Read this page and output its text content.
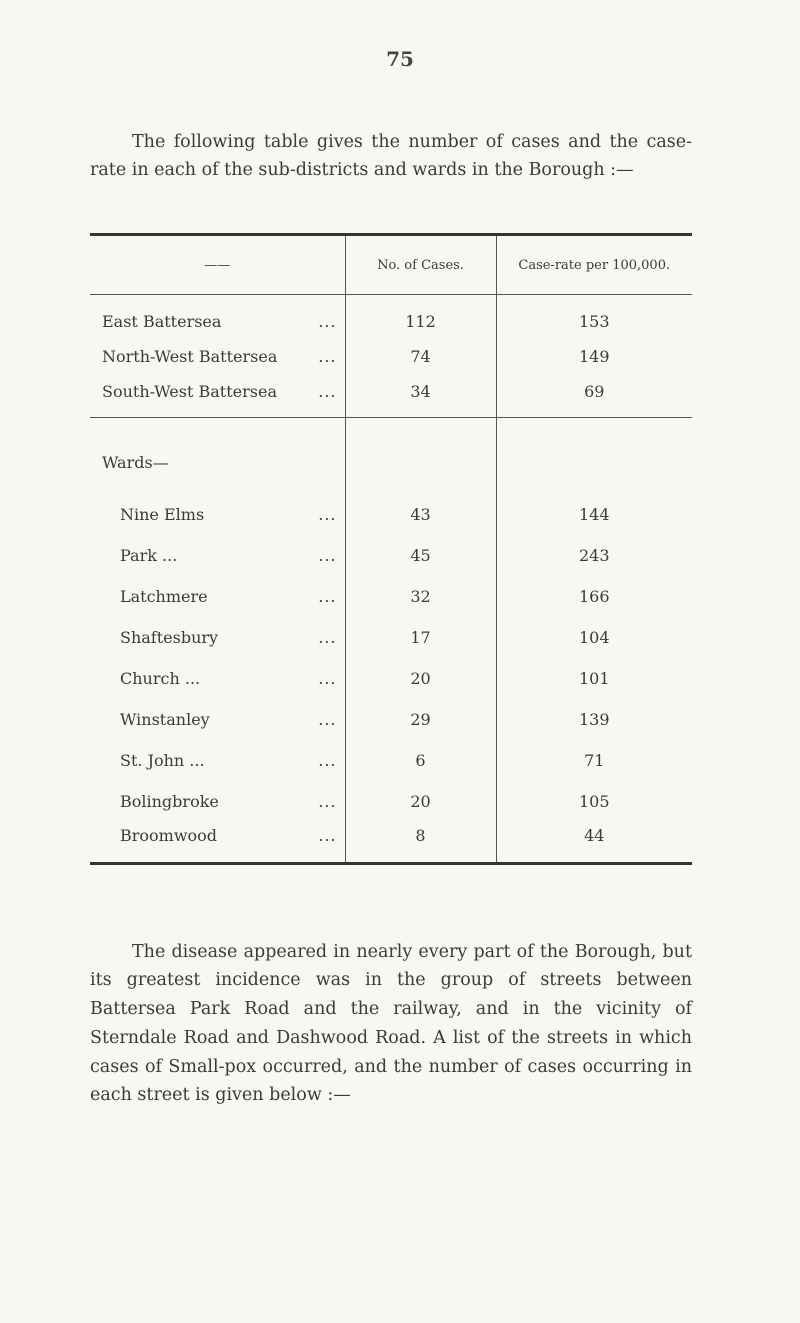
75

The following table gives the number of cases and the case-rate in each of the sub-districts and wards in the Borough :—

——	No. of Cases.	Case-rate per 100,000.
East Battersea ...	112	153
North-West Battersea ...	74	149
South-West Battersea ...	34	69
Wards—		
Nine Elms ...	43	144
Park ... ...	45	243
Latchmere ...	32	166
Shaftesbury ...	17	104
Church ... ...	20	101
Winstanley ...	29	139
St. John ... ...	6	71
Bolingbroke ...	20	105
Broomwood ...	8	44

The disease appeared in nearly every part of the Borough, but its greatest incidence was in the group of streets between Battersea Park Road and the railway, and in the vicinity of Sterndale Road and Dashwood Road. A list of the streets in which cases of Small-pox occurred, and the number of cases occurring in each street is given below :—
